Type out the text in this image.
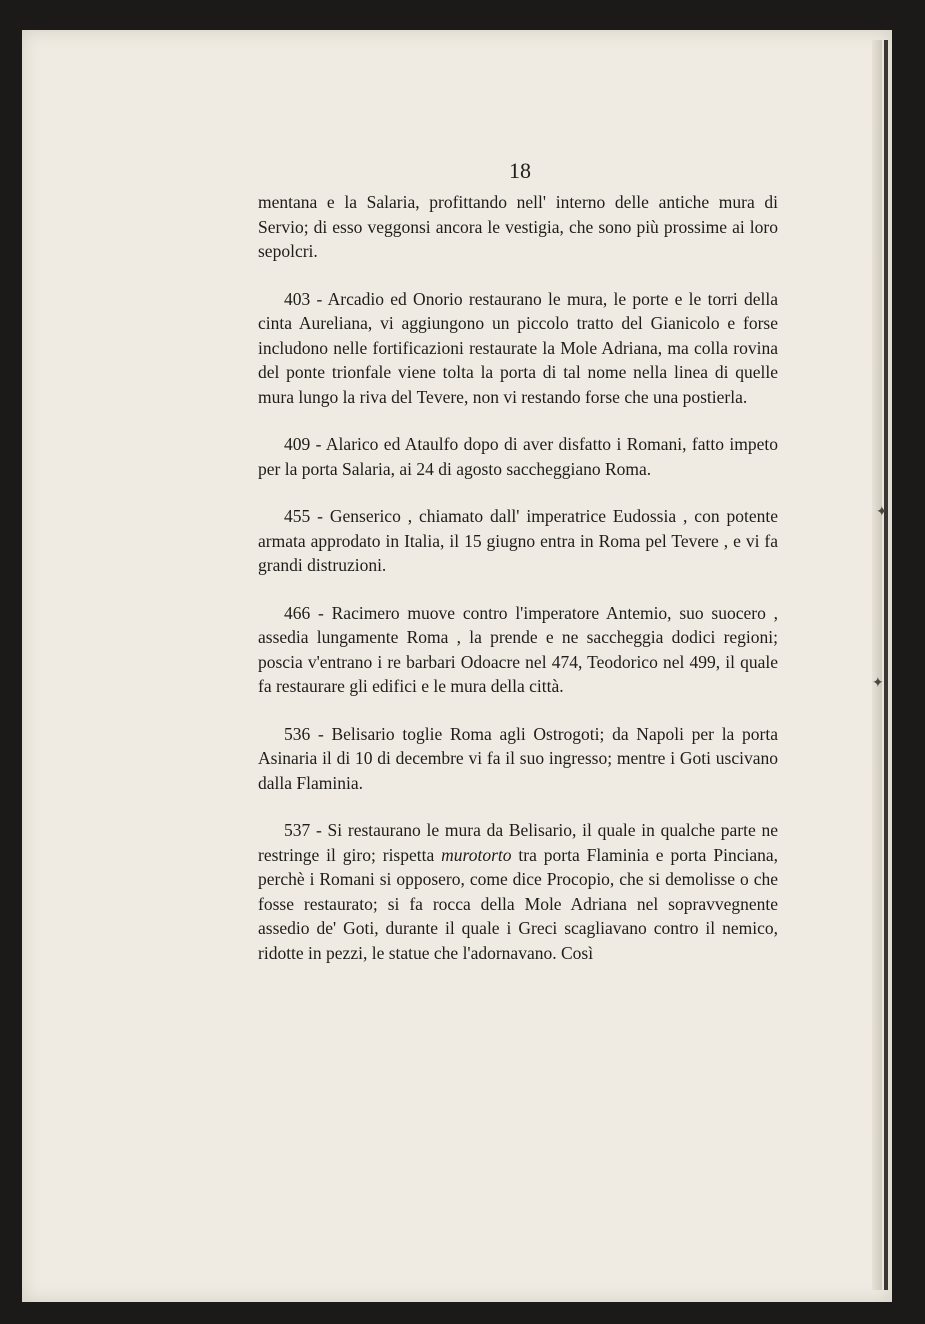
✦
✦
18

mentana e la Salaria, profittando nell' interno delle antiche mura di Servio; di esso veggonsi ancora le vestigia, che sono più prossime ai loro sepolcri.

403 - Arcadio ed Onorio restaurano le mura, le porte e le torri della cinta Aureliana, vi aggiungono un piccolo tratto del Gianicolo e forse includono nelle fortificazioni restaurate la Mole Adriana, ma colla rovina del ponte trionfale viene tolta la porta di tal nome nella linea di quelle mura lungo la riva del Tevere, non vi restando forse che una postierla.

409 - Alarico ed Ataulfo dopo di aver disfatto i Romani, fatto impeto per la porta Salaria, ai 24 di agosto saccheggiano Roma.

455 - Genserico , chiamato dall' imperatrice Eudossia , con potente armata approdato in Italia, il 15 giugno entra in Roma pel Tevere , e vi fa grandi distruzioni.

466 - Racimero muove contro l'imperatore Antemio, suo suocero , assedia lungamente Roma , la prende e ne saccheggia dodici regioni; poscia v'entrano i re barbari Odoacre nel 474, Teodorico nel 499, il quale fa restaurare gli edifici e le mura della città.

536 - Belisario toglie Roma agli Ostrogoti; da Napoli per la porta Asinaria il di 10 di decembre vi fa il suo ingresso; mentre i Goti uscivano dalla Flaminia.

537 - Si restaurano le mura da Belisario, il quale in qualche parte ne restringe il giro; rispetta murotorto tra porta Flaminia e porta Pinciana, perchè i Romani si opposero, come dice Procopio, che si demolisse o che fosse restaurato; si fa rocca della Mole Adriana nel sopravvegnente assedio de' Goti, durante il quale i Greci scagliavano contro il nemico, ridotte in pezzi, le statue che l'adornavano. Così
